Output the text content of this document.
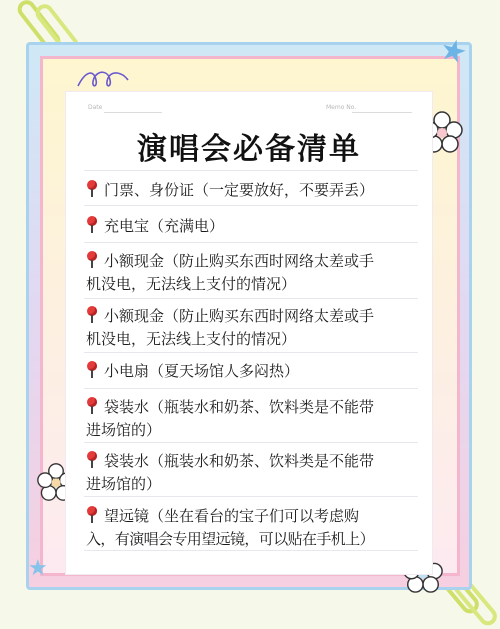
★
★
Date	Memo No.
演唱会必备清单
门票、身份证（一定要放好，不要弄丢）
充电宝（充满电）
小额现金（防止购买东西时网络太差或手
机没电，无法线上支付的情况）
小额现金（防止购买东西时网络太差或手
机没电，无法线上支付的情况）
小电扇（夏天场馆人多闷热）
袋装水（瓶装水和奶茶、饮料类是不能带
进场馆的）
袋装水（瓶装水和奶茶、饮料类是不能带
进场馆的）
望远镜（坐在看台的宝子们可以考虑购
入，有演唱会专用望远镜，可以贴在手机上）
